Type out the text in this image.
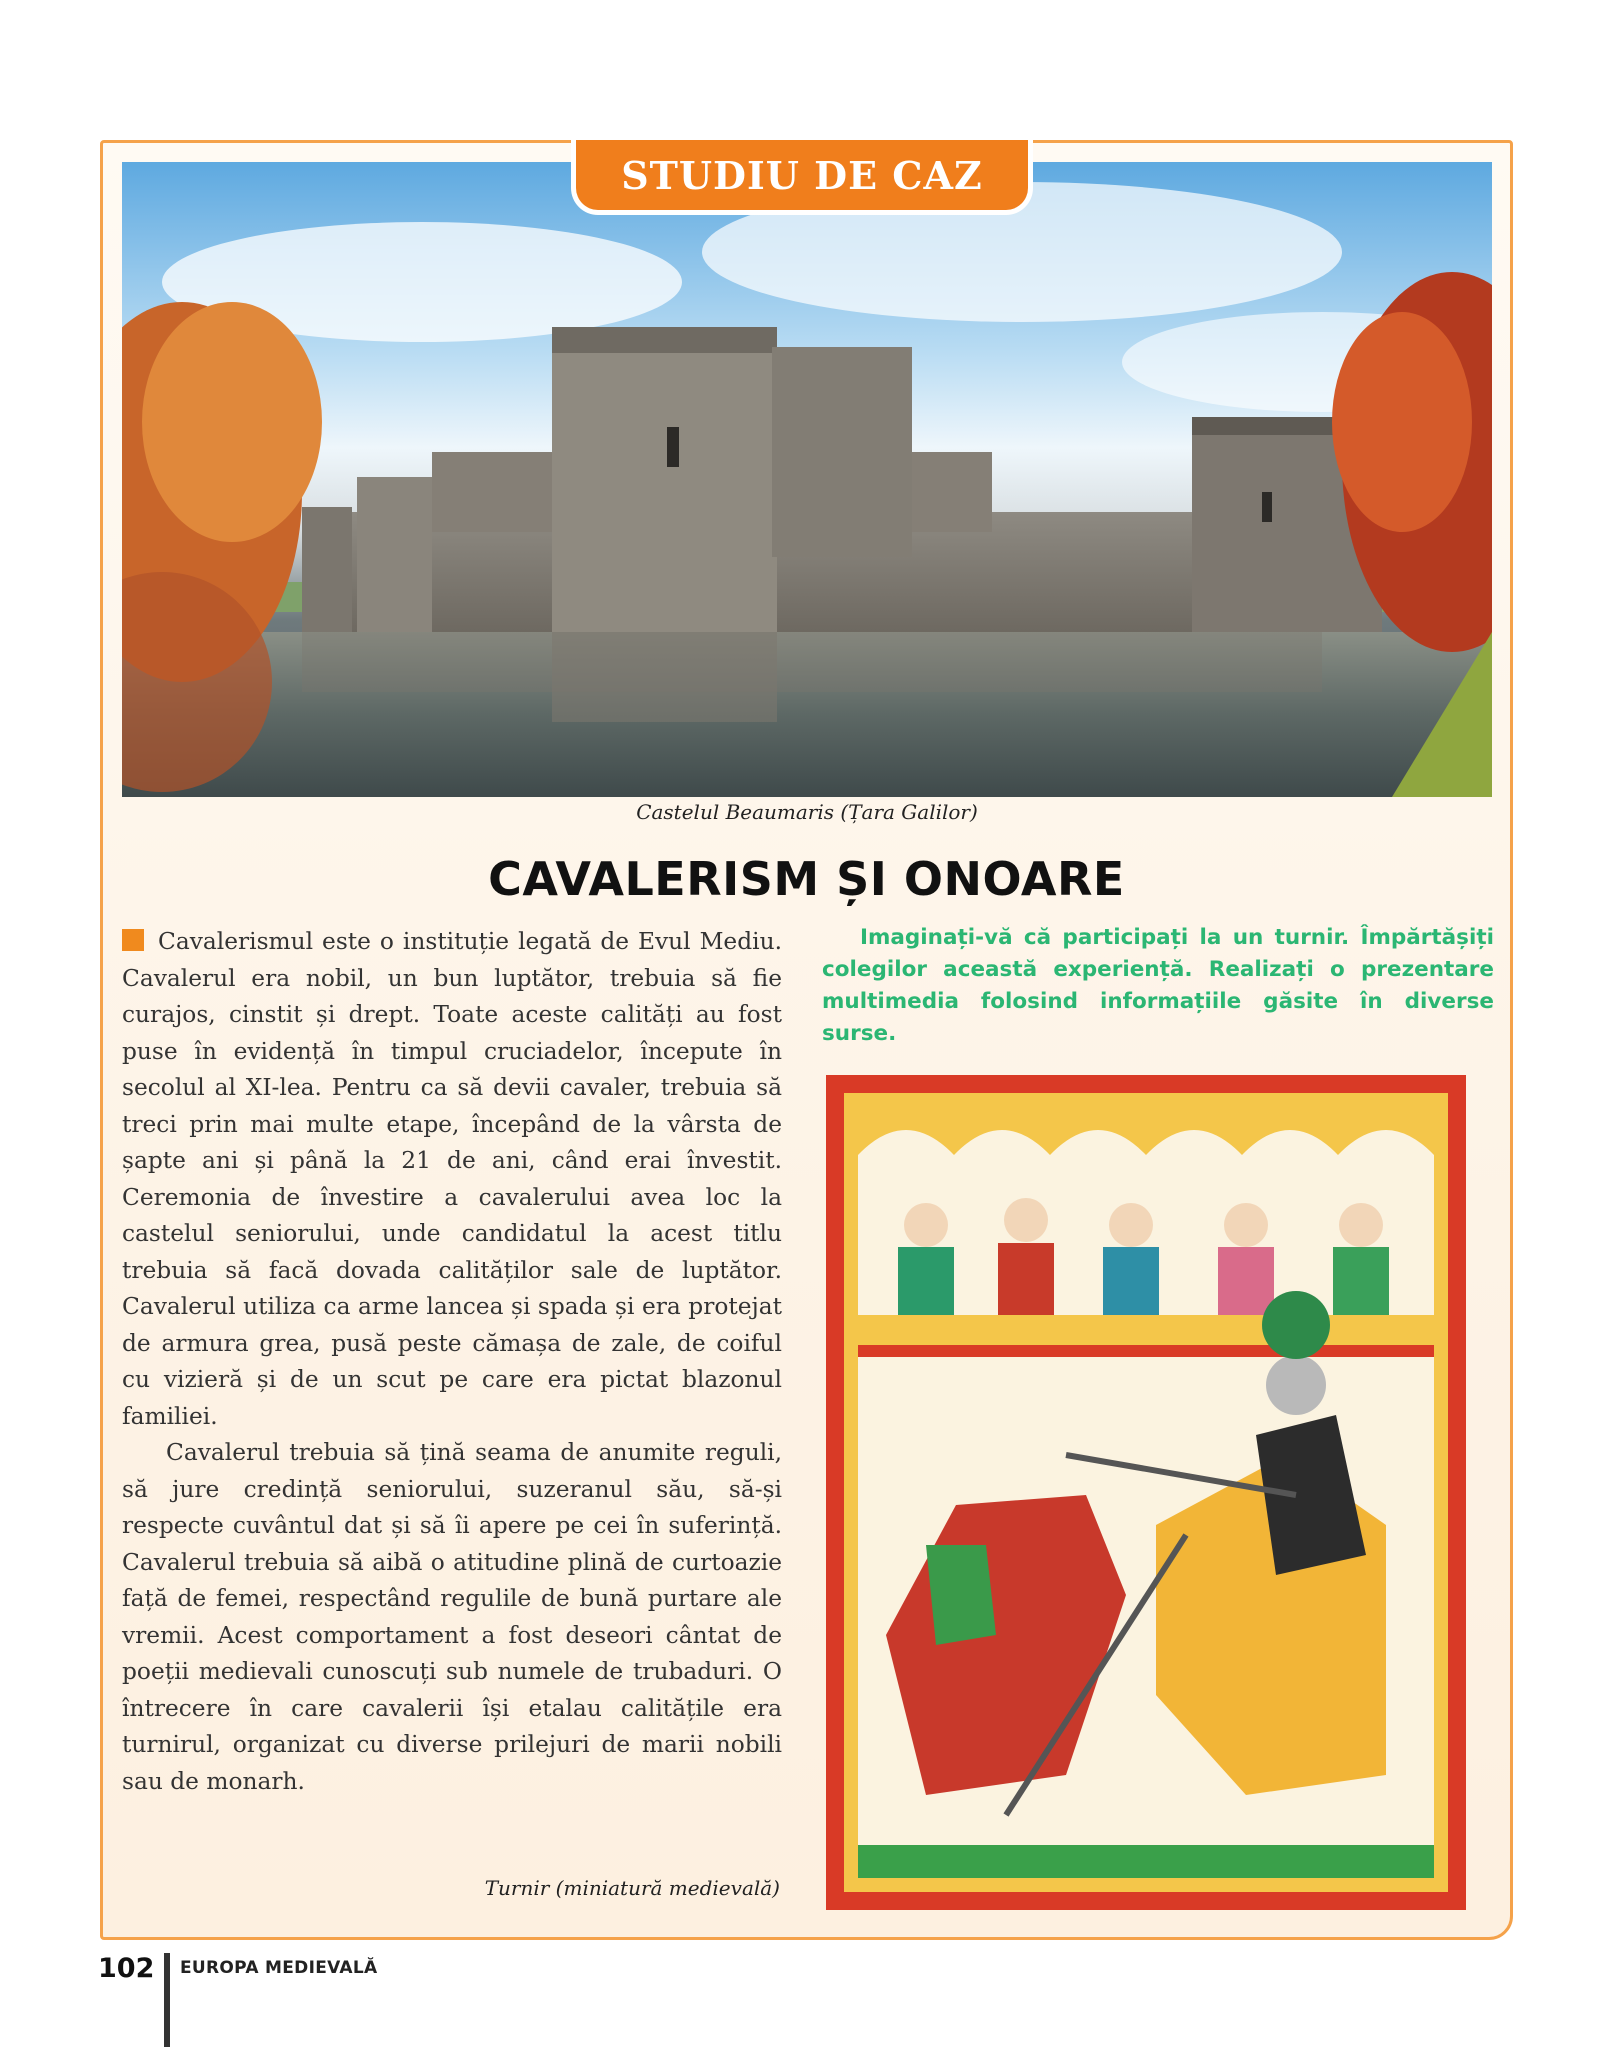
STUDIU DE CAZ
Castelul Beaumaris (Țara Galilor)
CAVALERISM ȘI ONOARE

Cavalerismul este o instituție legată de Evul Mediu. Cavalerul era nobil, un bun luptător, trebuia să fie curajos, cinstit și drept. Toate aceste calități au fost puse în evidență în timpul cruciadelor, începute în secolul al XI-lea. Pentru ca să devii cavaler, trebuia să treci prin mai multe etape, începând de la vârsta de șapte ani și până la 21 de ani, când erai învestit. Ceremonia de învestire a cavalerului avea loc la castelul seniorului, unde candidatul la acest titlu trebuia să facă dovada calităților sale de luptător. Cavalerul utiliza ca arme lancea și spada și era protejat de armura grea, pusă peste cămașa de zale, de coiful cu vizieră și de un scut pe care era pictat blazonul familiei.

Cavalerul trebuia să țină seama de anumite reguli, să jure credință seniorului, suzeranul său, să-și respecte cuvântul dat și să îi apere pe cei în suferință. Cavalerul trebuia să aibă o atitudine plină de curtoazie față de femei, respectând regulile de bună purtare ale vremii. Acest comportament a fost deseori cântat de poeții medievali cunoscuți sub numele de trubaduri. O întrecere în care cavalerii își etalau calitățile era turnirul, organizat cu diverse prilejuri de marii nobili sau de monarh.

Imaginați-vă că participați la un turnir. Împărtășiți colegilor această experiență. Realizați o prezentare multimedia folosind informațiile găsite în diverse surse.
Turnir (miniatură medievală)
102 EUROPA MEDIEVALĂ
